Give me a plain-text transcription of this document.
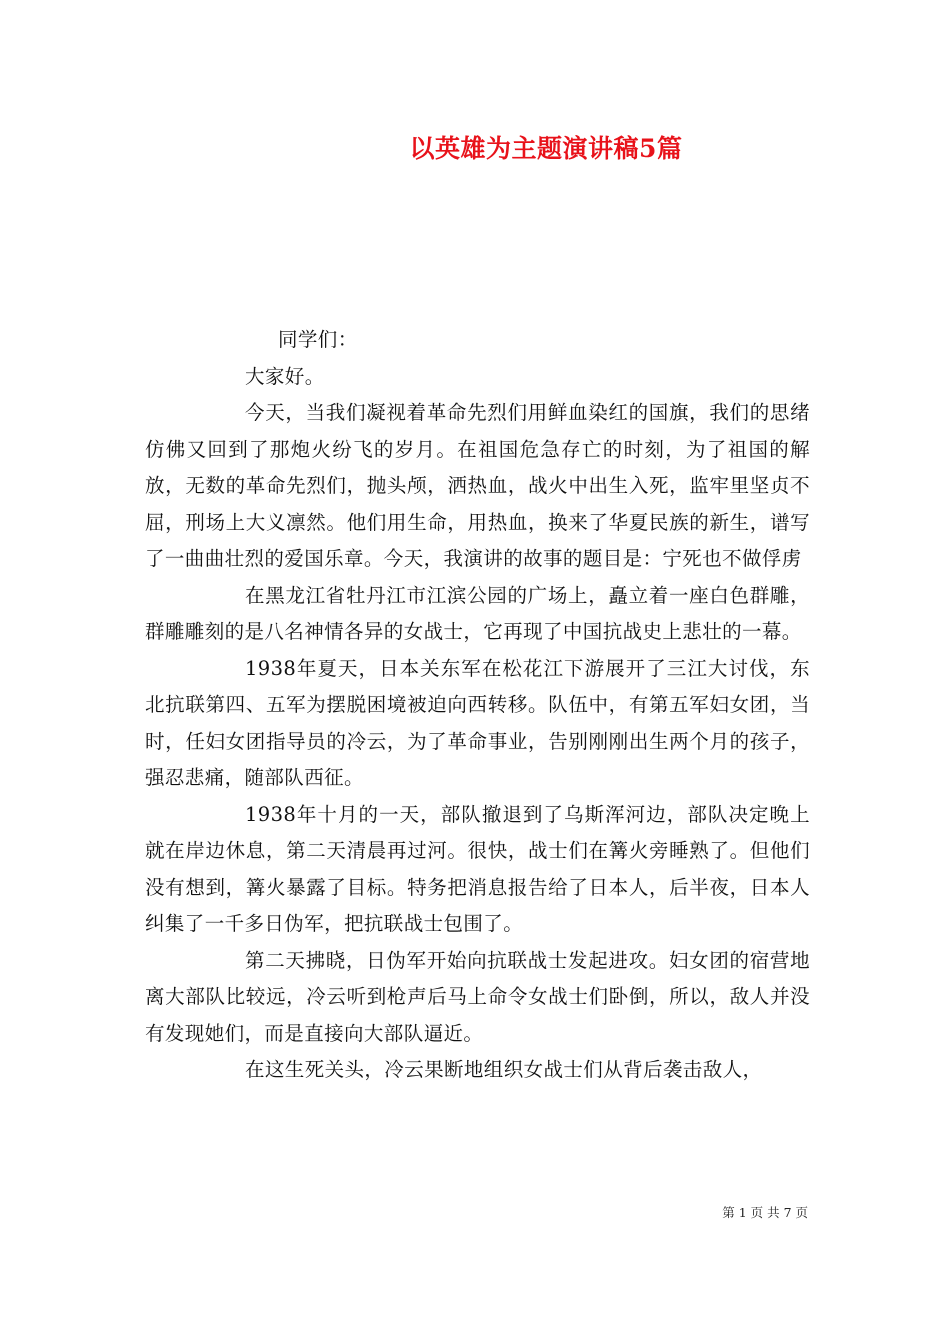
以英雄为主题演讲稿5篇

同学们：

大家好。

今天，当我们凝视着革命先烈们用鲜血染红的国旗，我们的思绪仿佛又回到了那炮火纷飞的岁月。在祖国危急存亡的时刻，为了祖国的解放，无数的革命先烈们，抛头颅，洒热血，战火中出生入死，监牢里坚贞不屈，刑场上大义凛然。他们用生命，用热血，换来了华夏民族的新生，谱写了一曲曲壮烈的爱国乐章。今天，我演讲的故事的题目是：宁死也不做俘虏

在黑龙江省牡丹江市江滨公园的广场上，矗立着一座白色群雕，群雕雕刻的是八名神情各异的女战士，它再现了中国抗战史上悲壮的一幕。

1938年夏天，日本关东军在松花江下游展开了三江大讨伐，东北抗联第四、五军为摆脱困境被迫向西转移。队伍中，有第五军妇女团，当时，任妇女团指导员的冷云，为了革命事业，告别刚刚出生两个月的孩子，强忍悲痛，随部队西征。

1938年十月的一天，部队撤退到了乌斯浑河边，部队决定晚上就在岸边休息，第二天清晨再过河。很快，战士们在篝火旁睡熟了。但他们没有想到，篝火暴露了目标。特务把消息报告给了日本人，后半夜，日本人纠集了一千多日伪军，把抗联战士包围了。

第二天拂晓，日伪军开始向抗联战士发起进攻。妇女团的宿营地离大部队比较远，冷云听到枪声后马上命令女战士们卧倒，所以，敌人并没有发现她们，而是直接向大部队逼近。

在这生死关头，冷云果断地组织女战士们从背后袭击敌人，

第 1 页 共 7 页
